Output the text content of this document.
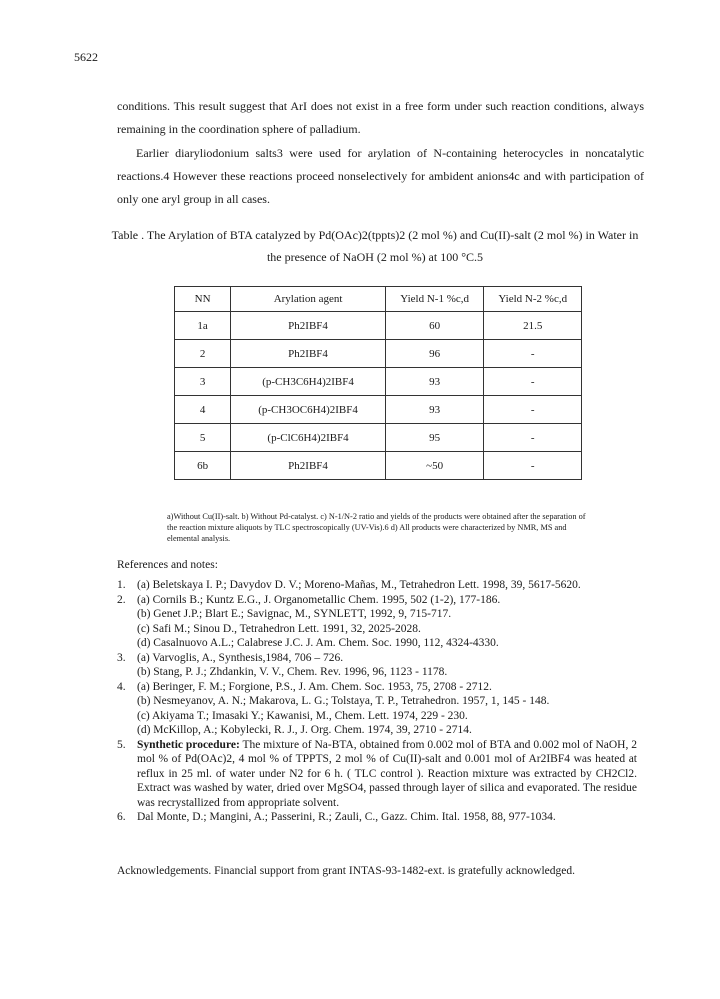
5622
conditions. This result suggest that ArI does not exist in a free form under such reaction conditions, always remaining in the coordination sphere of palladium.
Earlier diaryliodonium salts3 were used for arylation of N-containing heterocycles in noncatalytic reactions.4 However these reactions proceed nonselectively for ambident anions4c and with participation of only one aryl group in all cases.
Table . The Arylation of BTA catalyzed by Pd(OAc)2(tppts)2 (2 mol %) and Cu(II)-salt (2 mol %) in Water in
the presence of NaOH (2 mol %) at 100 °C.5
NN	Arylation agent	Yield N-1 %c,d	Yield N-2 %c,d
1a	Ph2IBF4	60	21.5
2	Ph2IBF4	96	-
3	(p-CH3C6H4)2IBF4	93	-
4	(p-CH3OC6H4)2IBF4	93	-
5	(p-ClC6H4)2IBF4	95	-
6b	Ph2IBF4	~50	-
a)Without Cu(II)-salt. b) Without Pd-catalyst. c) N-1/N-2 ratio and yields of the products were obtained after the separation of the reaction mixture aliquots by TLC spectroscopically (UV-Vis).6 d) All products were characterized by NMR, MS and elemental analysis.
References and notes:
1. (a) Beletskaya I. P.; Davydov D. V.; Moreno-Mañas, M., Tetrahedron Lett. 1998, 39, 5617-5620.
2. (a) Cornils B.; Kuntz E.G., J. Organometallic Chem. 1995, 502 (1-2), 177-186.
(b) Genet J.P.; Blart E.; Savignac, M., SYNLETT, 1992, 9, 715-717.
(c) Safi M.; Sinou D., Tetrahedron Lett. 1991, 32, 2025-2028.
(d) Casalnuovo A.L.; Calabrese J.C. J. Am. Chem. Soc. 1990, 112, 4324-4330.
3. (a) Varvoglis, A., Synthesis,1984, 706 – 726.
(b) Stang, P. J.; Zhdankin, V. V., Chem. Rev. 1996, 96, 1123 - 1178.
4. (a) Beringer, F. M.; Forgione, P.S., J. Am. Chem. Soc. 1953, 75, 2708 - 2712.
(b) Nesmeyanov, A. N.; Makarova, L. G.; Tolstaya, T. P., Tetrahedron. 1957, 1, 145 - 148.
(c) Akiyama T.; Imasaki Y.; Kawanisi, M., Chem. Lett. 1974, 229 - 230.
(d) McKillop, A.; Kobylecki, R. J., J. Org. Chem. 1974, 39, 2710 - 2714.
5. Synthetic procedure: The mixture of Na-BTA, obtained from 0.002 mol of BTA and 0.002 mol of NaOH, 2 mol % of Pd(OAc)2, 4 mol % of TPPTS, 2 mol % of Cu(II)-salt and 0.001 mol of Ar2IBF4 was heated at reflux in 25 ml. of water under N2 for 6 h. ( TLC control ). Reaction mixture was extracted by CH2Cl2. Extract was washed by water, dried over MgSO4, passed through layer of silica and evaporated. The residue was recrystallized from appropriate solvent.
6. Dal Monte, D.; Mangini, A.; Passerini, R.; Zauli, C., Gazz. Chim. Ital. 1958, 88, 977-1034.
Acknowledgements. Financial support from grant INTAS-93-1482-ext. is gratefully acknowledged.
